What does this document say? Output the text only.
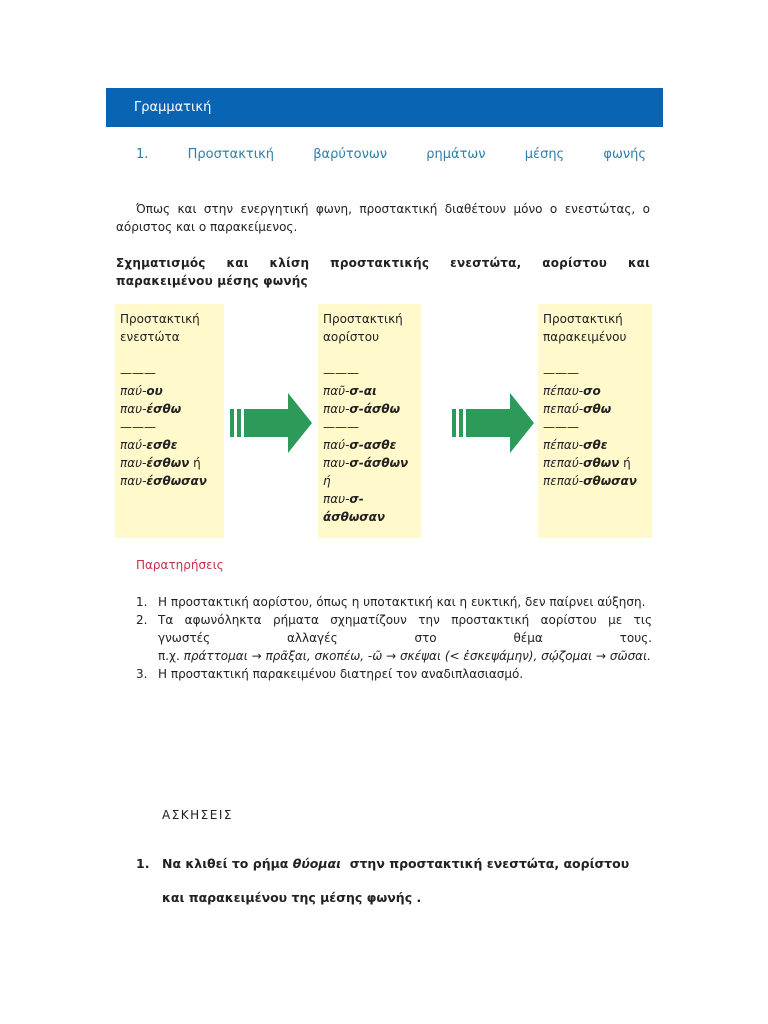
Γραμματική
1.	Προστακτική	βαρύτονων	ρημάτων	μέσης	φωνής
Όπως και στην ενεργητική φωνη, προστακτική διαθέτουν μόνο ο ενεστώτας, ο αόριστος και ο παρακείμενος.
Σχηματισμός και κλίση προστακτικής ενεστώτα, αορίστου και παρακειμένου μέσης φωνής
Προστακτική
ενεστώτα
———
παύ-ου
παυ-έσθω
———
παύ-εσθε
παυ-έσθων ή
παυ-έσθωσαν
Προστακτική
αορίστου
———
παῦ-σ-αι
παυ-σ-άσθω
———
παύ-σ-ασθε
παυ-σ-άσθων
ή
παυ-σ-
άσθωσαν
Προστακτική
παρακειμένου
———
πέπαυ-σο
πεπαύ-σθω
———
πέπαυ-σθε
πεπαύ-σθων ή
πεπαύ-σθωσαν
Παρατηρήσεις
1. Η προστακτική αορίστου, όπως η υποτακτική και η ευκτική, δεν παίρνει αύξηση.
2. Τα αφωνόληκτα ρήματα σχηματίζουν την προστακτική αορίστου με τις
γνωστές αλλαγές στο θέμα τους.
π.χ. πράττομαι → πρᾶξαι, σκοπέω, -ῶ → σκέψαι (< ἐσκεψάμην), σῴζομαι → σῶσαι.
3. Η προστακτική παρακειμένου διατηρεί τον αναδιπλασιασμό.
ΑΣΚΗΣΕΙΣ
1. Να κλιθεί το ρήμα θύομαι  στην προστακτική ενεστώτα, αορίστου
και παρακειμένου της μέσης φωνής .
